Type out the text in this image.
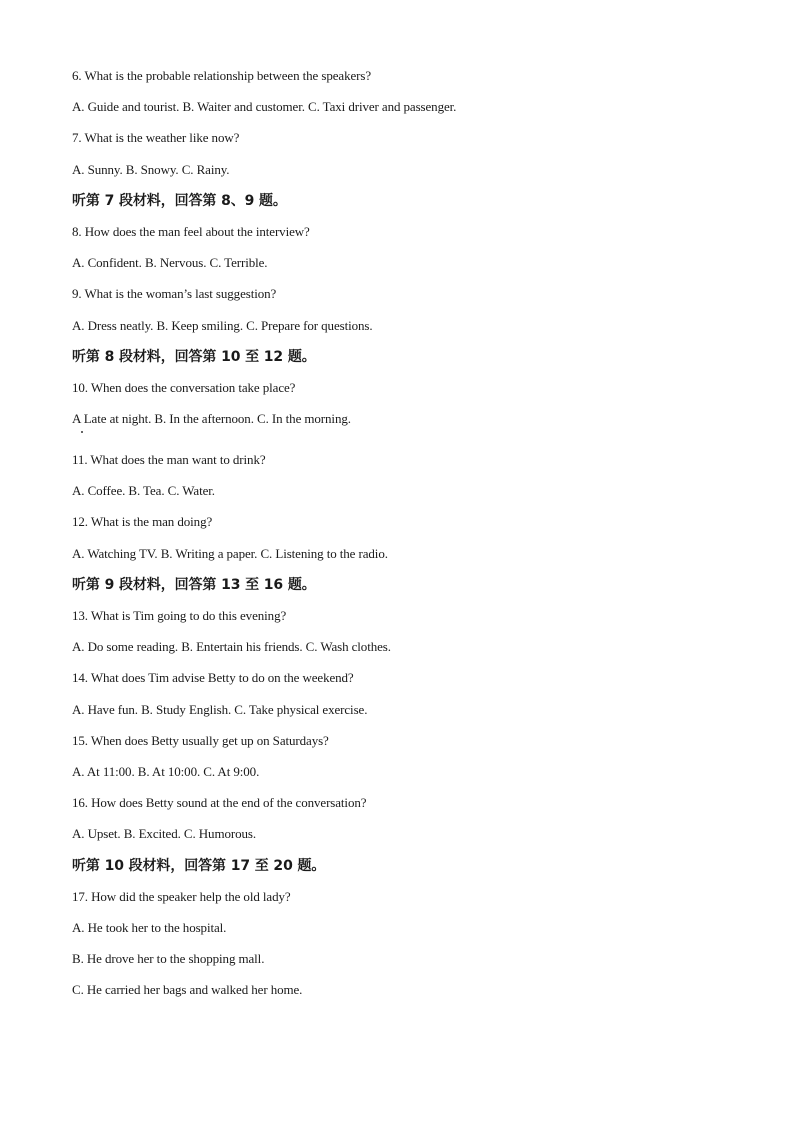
6. What is the probable relationship between the speakers?
A. Guide and tourist. B. Waiter and customer. C. Taxi driver and passenger.
7. What is the weather like now?
A. Sunny. B. Snowy. C. Rainy.
听第 7 段材料，回答第 8、9 题。
8. How does the man feel about the interview?
A. Confident. B. Nervous. C. Terrible.
9. What is the woman’s last suggestion?
A. Dress neatly. B. Keep smiling. C. Prepare for questions.
听第 8 段材料，回答第 10 至 12 题。
10. When does the conversation take place?
A Late at night. B. In the afternoon. C. In the morning.
11. What does the man want to drink?
A. Coffee. B. Tea. C. Water.
12. What is the man doing?
A. Watching TV. B. Writing a paper. C. Listening to the radio.
听第 9 段材料，回答第 13 至 16 题。
13. What is Tim going to do this evening?
A. Do some reading. B. Entertain his friends. C. Wash clothes.
14. What does Tim advise Betty to do on the weekend?
A. Have fun. B. Study English. C. Take physical exercise.
15. When does Betty usually get up on Saturdays?
A. At 11:00. B. At 10:00. C. At 9:00.
16. How does Betty sound at the end of the conversation?
A. Upset. B. Excited. C. Humorous.
听第 10 段材料，回答第 17 至 20 题。
17. How did the speaker help the old lady?
A. He took her to the hospital.
B. He drove her to the shopping mall.
C. He carried her bags and walked her home.
